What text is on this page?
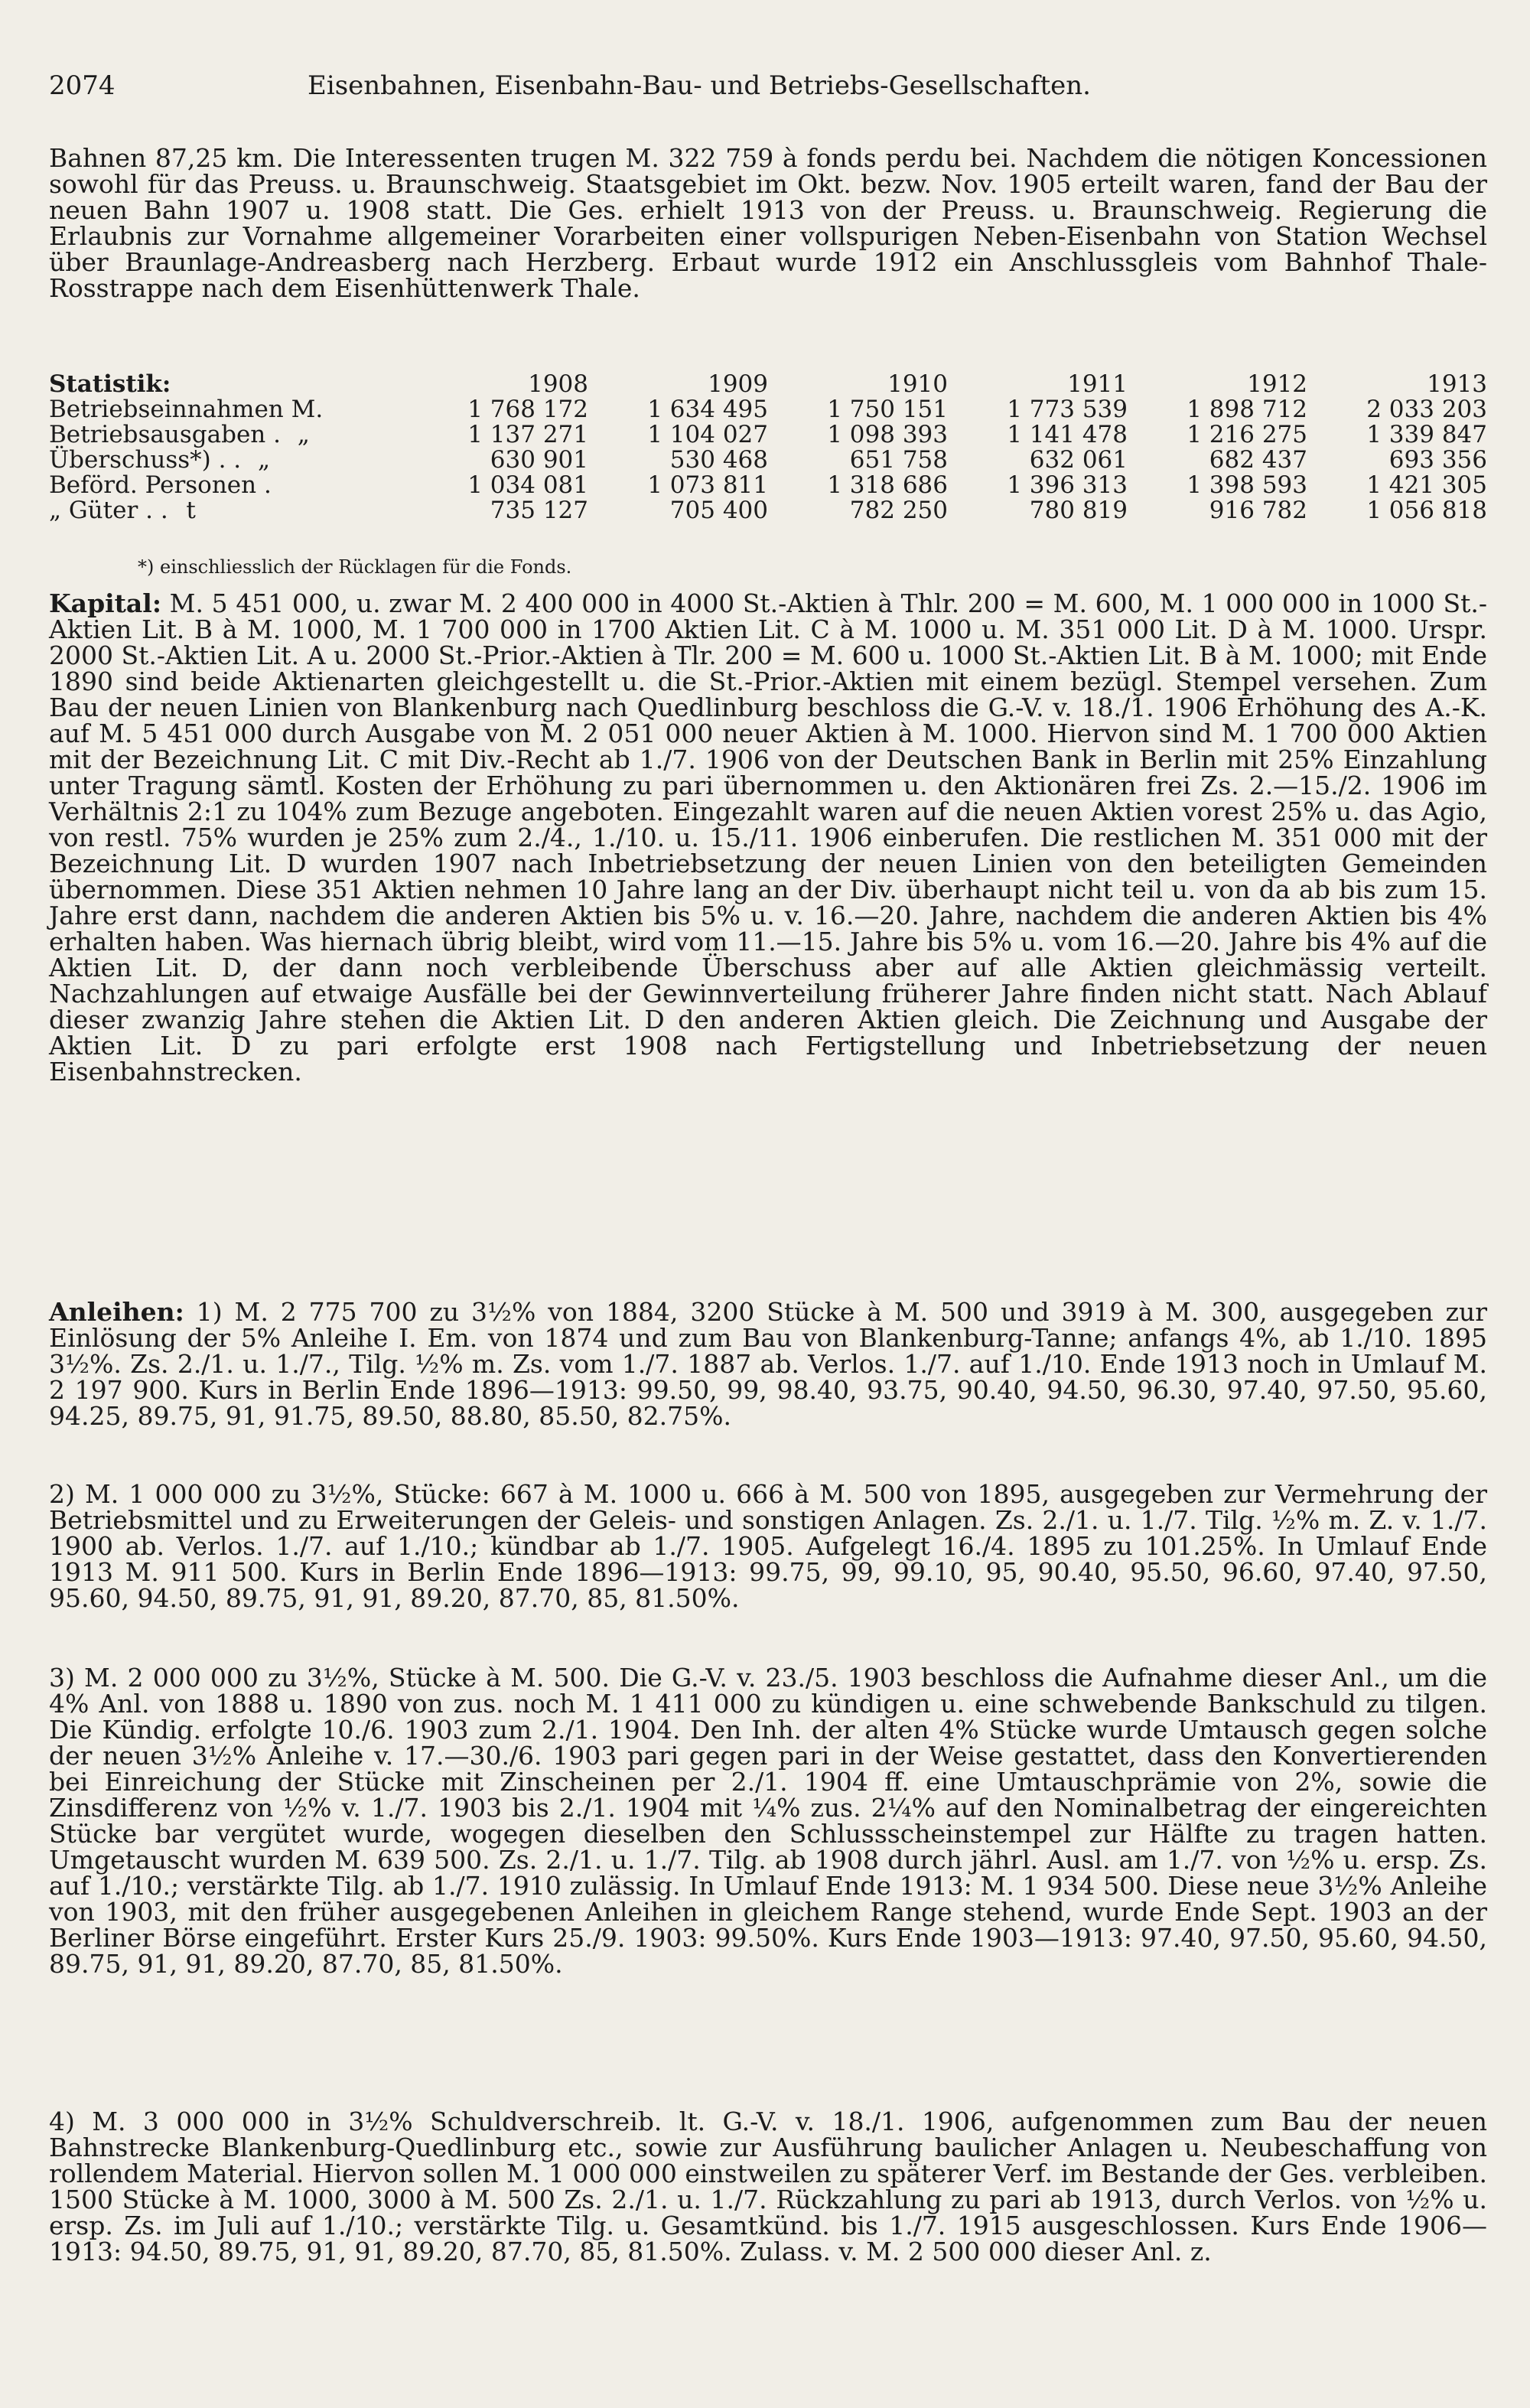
2074	Eisenbahnen, Eisenbahn-Bau- und Betriebs-Gesellschaften.
Bahnen 87,25 km. Die Interessenten trugen M. 322 759 à fonds perdu bei. Nachdem die nötigen Koncessionen sowohl für das Preuss. u. Braunschweig. Staatsgebiet im Okt. bezw. Nov. 1905 erteilt waren, fand der Bau der neuen Bahn 1907 u. 1908 statt. Die Ges. erhielt 1913 von der Preuss. u. Braunschweig. Regierung die Erlaubnis zur Vornahme allgemeiner Vorarbeiten einer vollspurigen Neben-Eisenbahn von Station Wechsel über Braunlage-Andreasberg nach Herzberg. Erbaut wurde 1912 ein Anschlussgleis vom Bahnhof Thale-Rosstrappe nach dem Eisenhüttenwerk Thale.
Statistik:	1908	1909	1910	1911	1912	1913
Betriebseinnahmen M.	1 768 172	1 634 495	1 750 151	1 773 539	1 898 712	2 033 203
Betriebsausgaben . „	1 137 271	1 104 027	1 098 393	1 141 478	1 216 275	1 339 847
Überschuss*) . . „	630 901	530 468	651 758	632 061	682 437	693 356
Beförd. Personen .	1 034 081	1 073 811	1 318 686	1 396 313	1 398 593	1 421 305
„ Güter . . t	735 127	705 400	782 250	780 819	916 782	1 056 818
*) einschliesslich der Rücklagen für die Fonds.
Kapital: M. 5 451 000, u. zwar M. 2 400 000 in 4000 St.-Aktien à Thlr. 200 = M. 600, M. 1 000 000 in 1000 St.-Aktien Lit. B à M. 1000, M. 1 700 000 in 1700 Aktien Lit. C à M. 1000 u. M. 351 000 Lit. D à M. 1000. Urspr. 2000 St.-Aktien Lit. A u. 2000 St.-Prior.-Aktien à Tlr. 200 = M. 600 u. 1000 St.-Aktien Lit. B à M. 1000; mit Ende 1890 sind beide Aktienarten gleichgestellt u. die St.-Prior.-Aktien mit einem bezügl. Stempel versehen. Zum Bau der neuen Linien von Blankenburg nach Quedlinburg beschloss die G.-V. v. 18./1. 1906 Erhöhung des A.-K. auf M. 5 451 000 durch Ausgabe von M. 2 051 000 neuer Aktien à M. 1000. Hiervon sind M. 1 700 000 Aktien mit der Bezeichnung Lit. C mit Div.-Recht ab 1./7. 1906 von der Deutschen Bank in Berlin mit 25% Einzahlung unter Tragung sämtl. Kosten der Erhöhung zu pari übernommen u. den Aktionären frei Zs. 2.—15./2. 1906 im Verhältnis 2:1 zu 104% zum Bezuge angeboten. Eingezahlt waren auf die neuen Aktien vorest 25% u. das Agio, von restl. 75% wurden je 25% zum 2./4., 1./10. u. 15./11. 1906 einberufen. Die restlichen M. 351 000 mit der Bezeichnung Lit. D wurden 1907 nach Inbetriebsetzung der neuen Linien von den beteiligten Gemeinden übernommen. Diese 351 Aktien nehmen 10 Jahre lang an der Div. überhaupt nicht teil u. von da ab bis zum 15. Jahre erst dann, nachdem die anderen Aktien bis 5% u. v. 16.—20. Jahre, nachdem die anderen Aktien bis 4% erhalten haben. Was hiernach übrig bleibt, wird vom 11.—15. Jahre bis 5% u. vom 16.—20. Jahre bis 4% auf die Aktien Lit. D, der dann noch verbleibende Überschuss aber auf alle Aktien gleichmässig verteilt. Nachzahlungen auf etwaige Ausfälle bei der Gewinnverteilung früherer Jahre finden nicht statt. Nach Ablauf dieser zwanzig Jahre stehen die Aktien Lit. D den anderen Aktien gleich. Die Zeichnung und Ausgabe der Aktien Lit. D zu pari erfolgte erst 1908 nach Fertigstellung und Inbetriebsetzung der neuen Eisenbahnstrecken.
Anleihen: 1) M. 2 775 700 zu 3½% von 1884, 3200 Stücke à M. 500 und 3919 à M. 300, ausgegeben zur Einlösung der 5% Anleihe I. Em. von 1874 und zum Bau von Blankenburg-Tanne; anfangs 4%, ab 1./10. 1895 3½%. Zs. 2./1. u. 1./7., Tilg. ½% m. Zs. vom 1./7. 1887 ab. Verlos. 1./7. auf 1./10. Ende 1913 noch in Umlauf M. 2 197 900. Kurs in Berlin Ende 1896—1913: 99.50, 99, 98.40, 93.75, 90.40, 94.50, 96.30, 97.40, 97.50, 95.60, 94.25, 89.75, 91, 91.75, 89.50, 88.80, 85.50, 82.75%.
2) M. 1 000 000 zu 3½%, Stücke: 667 à M. 1000 u. 666 à M. 500 von 1895, ausgegeben zur Vermehrung der Betriebsmittel und zu Erweiterungen der Geleis- und sonstigen Anlagen. Zs. 2./1. u. 1./7. Tilg. ½% m. Z. v. 1./7. 1900 ab. Verlos. 1./7. auf 1./10.; kündbar ab 1./7. 1905. Aufgelegt 16./4. 1895 zu 101.25%. In Umlauf Ende 1913 M. 911 500. Kurs in Berlin Ende 1896—1913: 99.75, 99, 99.10, 95, 90.40, 95.50, 96.60, 97.40, 97.50, 95.60, 94.50, 89.75, 91, 91, 89.20, 87.70, 85, 81.50%.
3) M. 2 000 000 zu 3½%, Stücke à M. 500. Die G.-V. v. 23./5. 1903 beschloss die Aufnahme dieser Anl., um die 4% Anl. von 1888 u. 1890 von zus. noch M. 1 411 000 zu kündigen u. eine schwebende Bankschuld zu tilgen. Die Kündig. erfolgte 10./6. 1903 zum 2./1. 1904. Den Inh. der alten 4% Stücke wurde Umtausch gegen solche der neuen 3½% Anleihe v. 17.—30./6. 1903 pari gegen pari in der Weise gestattet, dass den Konvertierenden bei Einreichung der Stücke mit Zinscheinen per 2./1. 1904 ff. eine Umtauschprämie von 2%, sowie die Zinsdifferenz von ½% v. 1./7. 1903 bis 2./1. 1904 mit ¼% zus. 2¼% auf den Nominalbetrag der eingereichten Stücke bar vergütet wurde, wogegen dieselben den Schlussscheinstempel zur Hälfte zu tragen hatten. Umgetauscht wurden M. 639 500. Zs. 2./1. u. 1./7. Tilg. ab 1908 durch jährl. Ausl. am 1./7. von ½% u. ersp. Zs. auf 1./10.; verstärkte Tilg. ab 1./7. 1910 zulässig. In Umlauf Ende 1913: M. 1 934 500. Diese neue 3½% Anleihe von 1903, mit den früher ausgegebenen Anleihen in gleichem Range stehend, wurde Ende Sept. 1903 an der Berliner Börse eingeführt. Erster Kurs 25./9. 1903: 99.50%. Kurs Ende 1903—1913: 97.40, 97.50, 95.60, 94.50, 89.75, 91, 91, 89.20, 87.70, 85, 81.50%.
4) M. 3 000 000 in 3½% Schuldverschreib. lt. G.-V. v. 18./1. 1906, aufgenommen zum Bau der neuen Bahnstrecke Blankenburg-Quedlinburg etc., sowie zur Ausführung baulicher Anlagen u. Neubeschaffung von rollendem Material. Hiervon sollen M. 1 000 000 einstweilen zu späterer Verf. im Bestande der Ges. verbleiben. 1500 Stücke à M. 1000, 3000 à M. 500 Zs. 2./1. u. 1./7. Rückzahlung zu pari ab 1913, durch Verlos. von ½% u. ersp. Zs. im Juli auf 1./10.; verstärkte Tilg. u. Gesamtkünd. bis 1./7. 1915 ausgeschlossen. Kurs Ende 1906—1913: 94.50, 89.75, 91, 91, 89.20, 87.70, 85, 81.50%. Zulass. v. M. 2 500 000 dieser Anl. z.
